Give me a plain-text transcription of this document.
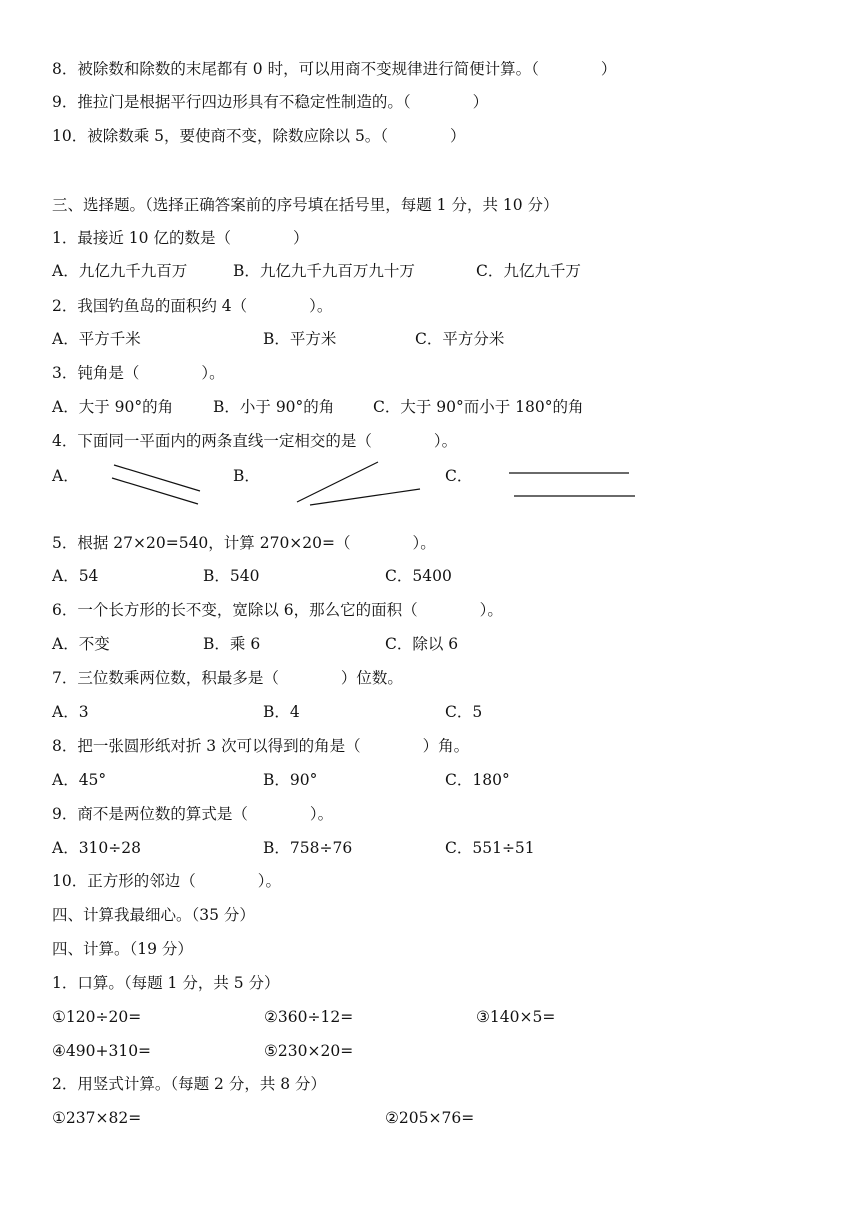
8．被除数和除数的末尾都有 0 时，可以用商不变规律进行简便计算。（　　　　）
9．推拉门是根据平行四边形具有不稳定性制造的。（　　　　）
10．被除数乘 5，要使商不变，除数应除以 5。（　　　　）
三、选择题。（选择正确答案前的序号填在括号里，每题 1 分，共 10 分）
1．最接近 10 亿的数是（　　　　）
A．九亿九千九百万	B．九亿九千九百万九十万	C．九亿九千万
2．我国钓鱼岛的面积约 4（　　　　）。
A．平方千米	B．平方米	C．平方分米
3．钝角是（　　　　）。
A．大于 90°的角	B．小于 90°的角 C．大于 90°而小于 180°的角
4．下面同一平面内的两条直线一定相交的是（　　　　）。
A．	B．	C．
5．根据 27×20=540，计算 270×20=（　　　　）。
A．54	B．540	C．5400
6．一个长方形的长不变，宽除以 6，那么它的面积（　　　　）。
A．不变	B．乘 6	C．除以 6
7．三位数乘两位数，积最多是（　　　　）位数。
A．3	B．4	C．5
8．把一张圆形纸对折 3 次可以得到的角是（　　　　）角。
A．45°	B．90°	C．180°
9．商不是两位数的算式是（　　　　）。
A．310÷28	B．758÷76	C．551÷51
10．正方形的邻边（　　　　）。
四、计算我最细心。（35 分）
四、计算。（19 分）
1．口算。（每题 1 分，共 5 分）
①120÷20=	②360÷12=	③140×5=
④490+310=	⑤230×20=
2．用竖式计算。（每题 2 分，共 8 分）
①237×82=	②205×76=
